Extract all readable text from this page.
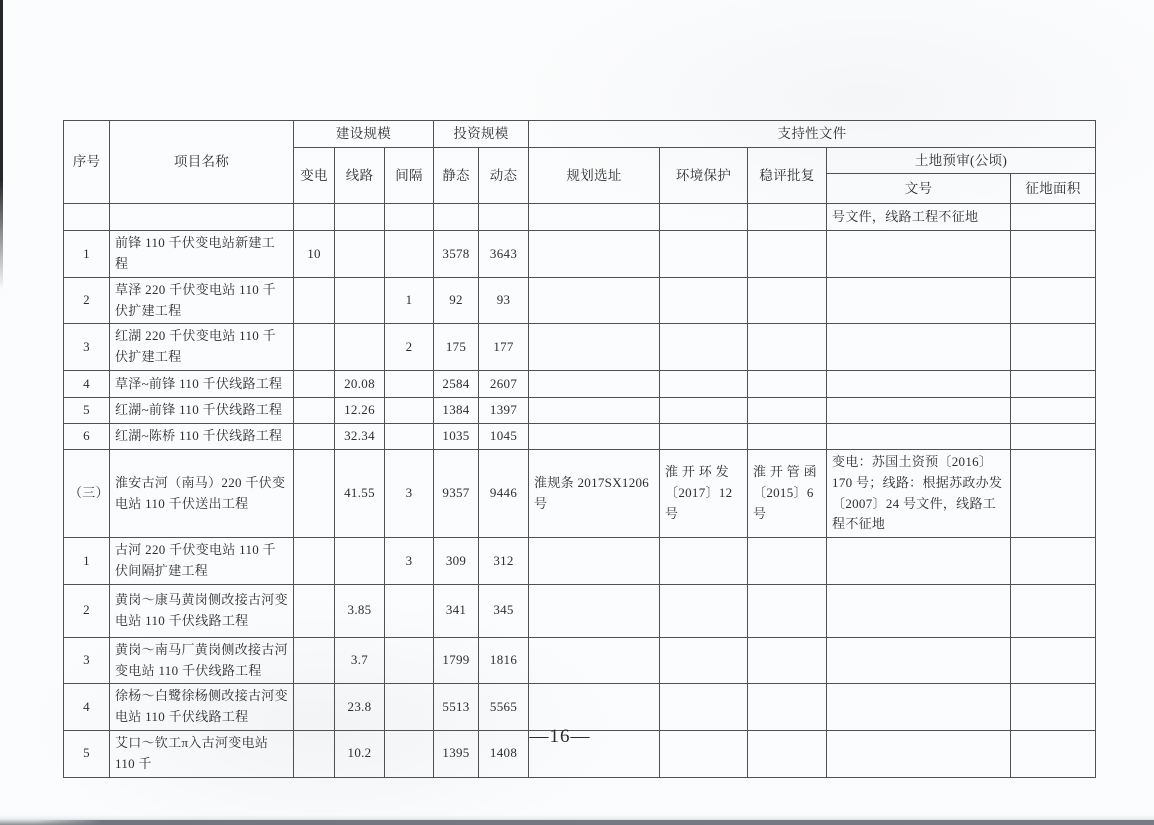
序号	项目名称	建设规模			投资规模		支持性文件				
		变电	线路	间隔	静态	动态	规划选址	环境保护	稳评批复	土地预审(公顷)	
										文号	征地面积
										号文件，线路工程不征地	
1	前锋 110 千伏变电站新建工程	10			3578	3643					
2	草泽 220 千伏变电站 110 千伏扩建工程			1	92	93					
3	红湖 220 千伏变电站 110 千伏扩建工程			2	175	177					
4	草泽~前锋 110 千伏线路工程		20.08		2584	2607					
5	红湖~前锋 110 千伏线路工程		12.26		1384	1397					
6	红湖~陈桥 110 千伏线路工程		32.34		1035	1045					
（三）	淮安古河（南马）220 千伏变电站 110 千伏送出工程		41.55	3	9357	9446	淮规条 2017SX1206 号	淮 开 环 发〔2017〕12 号	淮 开 管 函〔2015〕6 号	变电：苏国土资预〔2016〕170 号；线路：根据苏政办发〔2007〕24 号文件，线路工程不征地	
1	古河 220 千伏变电站 110 千伏间隔扩建工程			3	309	312					
2	黄岗～康马黄岗侧改接古河变电站 110 千伏线路工程		3.85		341	345					
3	黄岗～南马厂黄岗侧改接古河变电站 110 千伏线路工程		3.7		1799	1816					
4	徐杨～白鹭徐杨侧改接古河变电站 110 千伏线路工程		23.8		5513	5565					
5	艾口～钦工π入古河变电站 110 千		10.2		1395	1408					
—16—
